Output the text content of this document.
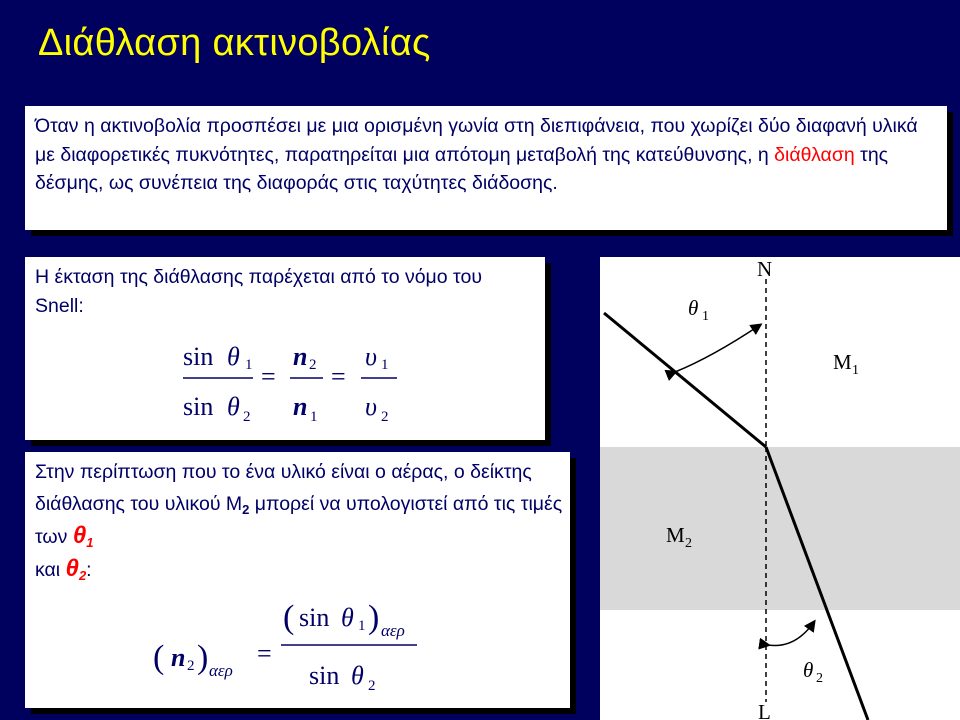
Διάθλαση ακτινοβολίας
Όταν η ακτινοβολία προσπέσει με μια ορισμένη γωνία στη διεπιφάνεια, που χωρίζει δύο διαφανή υλικά με διαφορετικές πυκνότητες, παρατηρείται μια απότομη μεταβολή της κατεύθυνσης, η διάθλαση της δέσμης, ως συνέπεια της διαφοράς στις ταχύτητες διάδοσης.
Η έκταση της διάθλασης παρέχεται από το νόμο του Snell:
sin θ 1
sin θ 2
=
n 2
n 1
=
υ 1
υ 2
Στην περίπτωση που το ένα υλικό είναι ο αέρας, ο δείκτης διάθλασης του υλικού $M_2$ μπορεί να υπολογιστεί από τις τιμές των $\theta_1$
και $\theta_2$:
( n 2 ) αερ
=
( sin θ 1 ) αερ
sin θ 2
N
L
M 1
M 2
θ 1
θ 2
